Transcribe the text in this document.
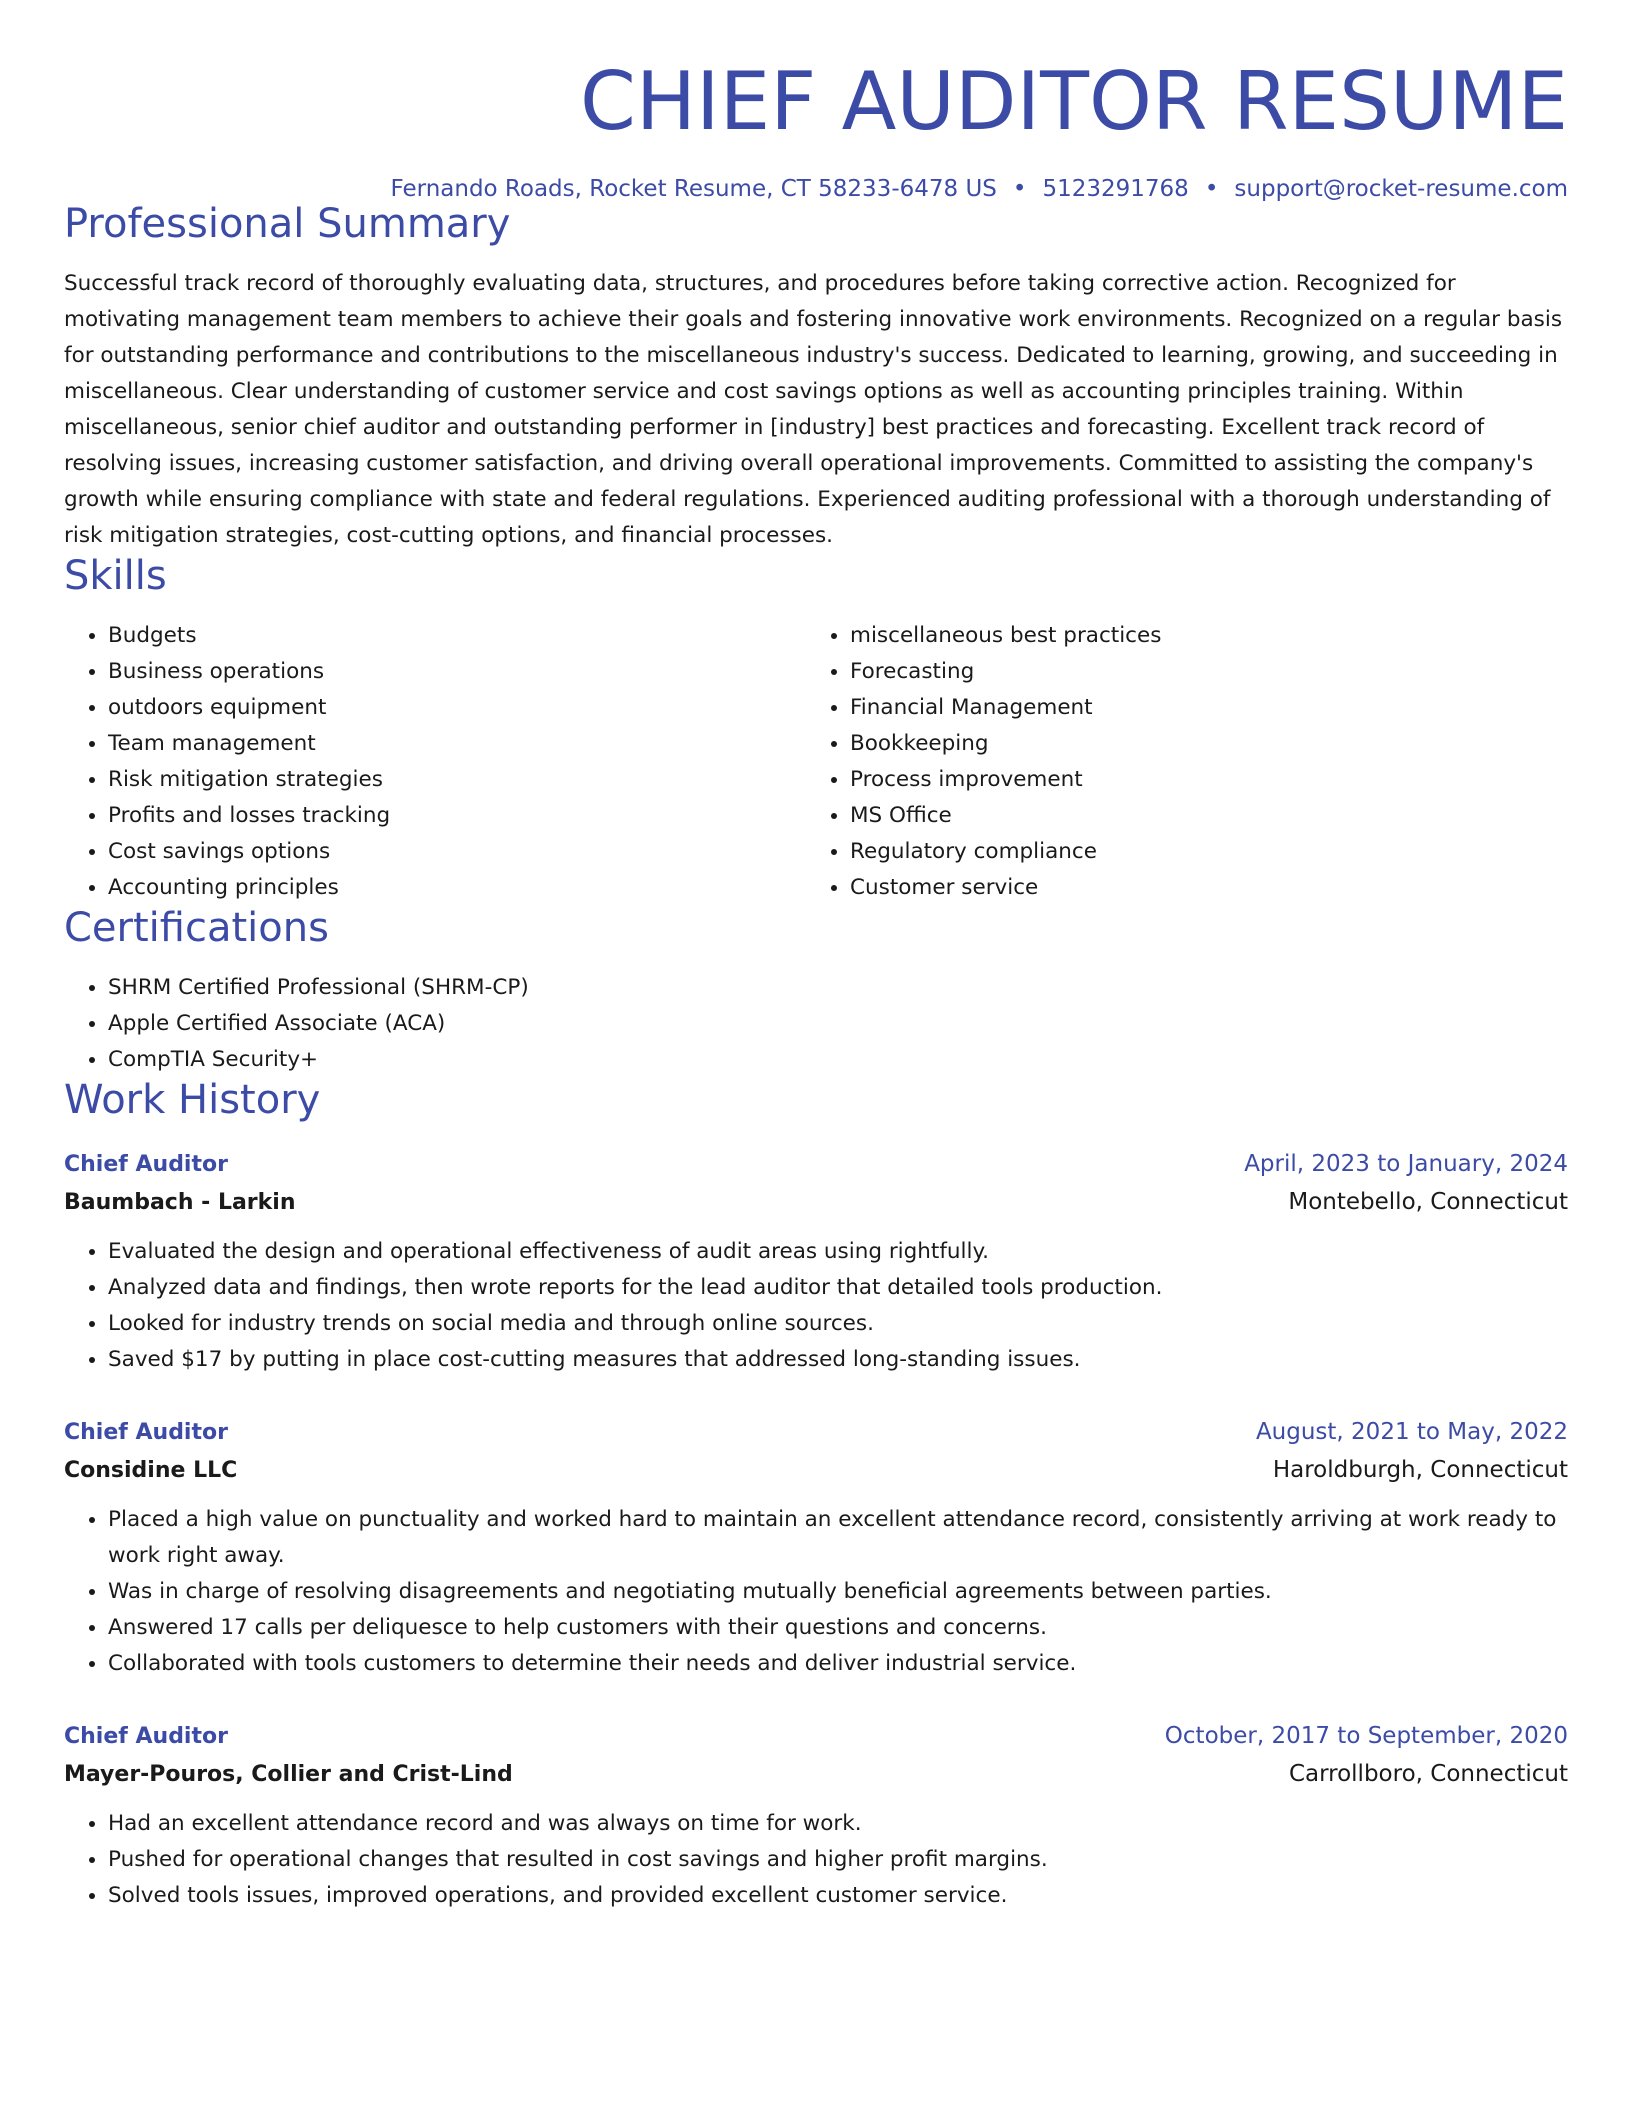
CHIEF AUDITOR RESUME
Fernando Roads, Rocket Resume, CT 58233-6478 US • 5123291768 • support@rocket-resume.com
Professional Summary

Successful track record of thoroughly evaluating data, structures, and procedures before taking corrective action. Recognized for motivating management team members to achieve their goals and fostering innovative work environments. Recognized on a regular basis for outstanding performance and contributions to the miscellaneous industry's success. Dedicated to learning, growing, and succeeding in miscellaneous. Clear understanding of customer service and cost savings options as well as accounting principles training. Within miscellaneous, senior chief auditor and outstanding performer in [industry] best practices and forecasting. Excellent track record of resolving issues, increasing customer satisfaction, and driving overall operational improvements. Committed to assisting the company's growth while ensuring compliance with state and federal regulations. Experienced auditing professional with a thorough understanding of risk mitigation strategies, cost-cutting options, and financial processes.

Skills
• Budgets
• Business operations
• outdoors equipment
• Team management
• Risk mitigation strategies
• Profits and losses tracking
• Cost savings options
• Accounting principles
• miscellaneous best practices
• Forecasting
• Financial Management
• Bookkeeping
• Process improvement
• MS Office
• Regulatory compliance
• Customer service
Certifications
• SHRM Certified Professional (SHRM-CP)
• Apple Certified Associate (ACA)
• CompTIA Security+
Work History
Chief Auditor	April, 2023 to January, 2024
Baumbach - Larkin	Montebello, Connecticut
• Evaluated the design and operational effectiveness of audit areas using rightfully.
• Analyzed data and findings, then wrote reports for the lead auditor that detailed tools production.
• Looked for industry trends on social media and through online sources.
• Saved $17 by putting in place cost-cutting measures that addressed long-standing issues.
Chief Auditor	August, 2021 to May, 2022
Considine LLC	Haroldburgh, Connecticut
• Placed a high value on punctuality and worked hard to maintain an excellent attendance record, consistently arriving at work ready to work right away.
• Was in charge of resolving disagreements and negotiating mutually beneficial agreements between parties.
• Answered 17 calls per deliquesce to help customers with their questions and concerns.
• Collaborated with tools customers to determine their needs and deliver industrial service.
Chief Auditor	October, 2017 to September, 2020
Mayer-Pouros, Collier and Crist-Lind	Carrollboro, Connecticut
• Had an excellent attendance record and was always on time for work.
• Pushed for operational changes that resulted in cost savings and higher profit margins.
• Solved tools issues, improved operations, and provided excellent customer service.
